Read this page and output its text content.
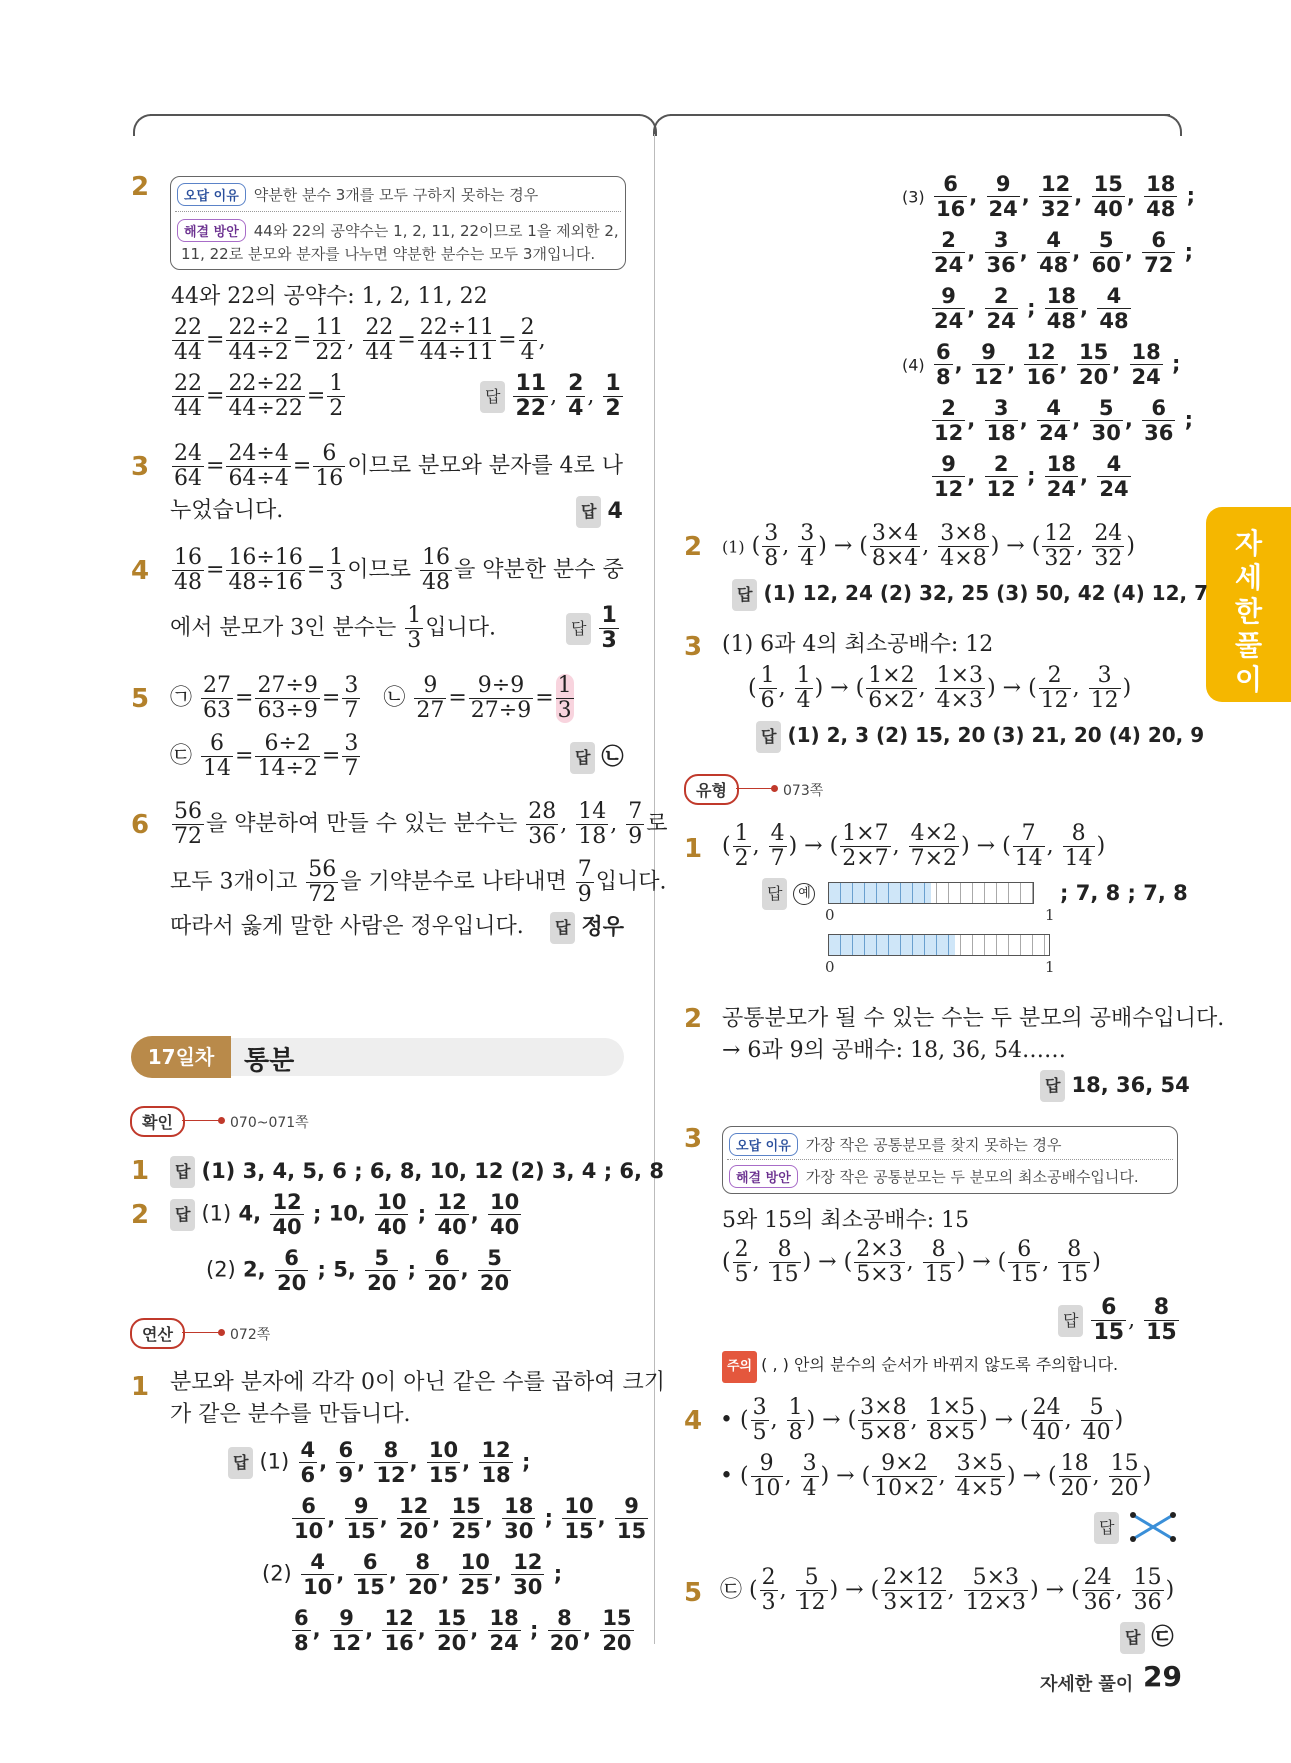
자
세
한
풀
이
2	오답 이유 약분한 분수 3개를 모두 구하지 못하는 경우
해결 방안 44와 22의 공약수는 1, 2, 11, 22이므로 1을 제외한 2,
11, 22로 분모와 분자를 나누면 약분한 분수는 모두 3개입니다.
44와 22의 공약수: 1, 2, 11, 22
$\frac{22}{44} = \frac{22\div 2}{44\div 2} = \frac{11}{22}$ , $\frac{22}{44} = \frac{22\div 11}{44\div 11} = \frac{2}{4}$ ,
$\frac{22}{44} = \frac{22\div 22}{44\div 22} = \frac{1}{2}$	답 $\frac{11}{22}$ , $\frac{2}{4}$ , $\frac{1}{2}$
$3 \frac{24}{64} = \frac{24\div 4}{64\div 4} = \frac{6}{16}$ 이므로 분모와 분자를 4로 나
누었습니다.	답 4
$4 \frac{16}{48} = \frac{16\div 16}{48\div 16} = \frac{1}{3}$ 이므로 $\frac{16}{48}$ 을 약분한 분수 중
에서 분모가 3인 분수는 $\frac{1}{3}$ 입니다.	답 $\frac{1}{3}$
5 ㉠ $\frac{27}{63} = \frac{27\div 9}{63\div 9} = \frac{3}{7}$ ㉡ $\frac{9}{27} = \frac{9\div 9}{27\div 9} = \frac{1}{3}$
㉢ $\frac{6}{14} = \frac{6\div 2}{14\div 2} = \frac{3}{7}$	답 ㉡
$6 \frac{56}{72}$ 을 약분하여 만들 수 있는 분수는 $\frac{28}{36}$ , $\frac{14}{18}$ , $\frac{7}{9}$ 로
모두 3개이고 $\frac{56}{72}$ 을 기약분수로 나타내면 $\frac{7}{9}$ 입니다.
따라서 옳게 말한 사람은 정우입니다.	답 정우
17일차	통분
확인	070~071쪽
1	답 (1) 3, 4, 5, 6 ; 6, 8, 10, 12 (2) 3, 4 ; 6, 8
2	답 (1) 4, $\frac{12}{40}$ ; 10, $\frac{10}{40}$ ; $\frac{12}{40}$ , $\frac{10}{40}$
(2) 2, $\frac{6}{20}$ ; 5, $\frac{5}{20}$ ; $\frac{6}{20}$ , $\frac{5}{20}$
연산	072쪽
1 분모와 분자에 각각 0이 아닌 같은 수를 곱하여 크기
가 같은 분수를 만듭니다.
답 $(1) \frac{4}{6}$ , $\frac{6}{9}$ , $\frac{8}{12}$ , $\frac{10}{15}$ , $\frac{12}{18}$ ;
$\frac{6}{10}$ , $\frac{9}{15}$ , $\frac{12}{20}$ , $\frac{15}{25}$ , $\frac{18}{30}$ ; $\frac{10}{15}$ , $\frac{9}{15}$
$(2) \frac{4}{10}$ , $\frac{6}{15}$ , $\frac{8}{20}$ , $\frac{10}{25}$ , $\frac{12}{30}$ ;
$\frac{6}{8}$ , $\frac{9}{12}$ , $\frac{12}{16}$ , $\frac{15}{20}$ , $\frac{18}{24}$ ; $\frac{8}{20}$ , $\frac{15}{20}$
$(3) \frac{6}{16}$ , $\frac{9}{24}$ , $\frac{12}{32}$ , $\frac{15}{40}$ , $\frac{18}{48}$ ;
$\frac{2}{24}$ , $\frac{3}{36}$ , $\frac{4}{48}$ , $\frac{5}{60}$ , $\frac{6}{72}$ ;
$\frac{9}{24}$ , $\frac{2}{24}$ ; $\frac{18}{48}$ , $\frac{4}{48}$
$(4) \frac{6}{8}$ , $\frac{9}{12}$ , $\frac{12}{16}$ , $\frac{15}{20}$ , $\frac{18}{24}$ ;
$\frac{2}{12}$ , $\frac{3}{18}$ , $\frac{4}{24}$ , $\frac{5}{30}$ , $\frac{6}{36}$ ;
$\frac{9}{12}$ , $\frac{2}{12}$ ; $\frac{18}{24}$ , $\frac{4}{24}$
2 (1) ( $\frac{3}{8}$ , $\frac{3}{4}$ ) → ( $\frac{3\times 4}{8\times 4}$ , $\frac{3\times 8}{4\times 8}$ ) → ( $\frac{12}{32}$ , $\frac{24}{32}$ )
답 (1) 12, 24 (2) 32, 25 (3) 50, 42 (4) 12, 7
3 (1) 6과 4의 최소공배수: 12
( $\frac{1}{6}$ , $\frac{1}{4}$ ) → ( $\frac{1\times 2}{6\times 2}$ , $\frac{1\times 3}{4\times 3}$ ) → ( $\frac{2}{12}$ , $\frac{3}{12}$ )
답 (1) 2, 3 (2) 15, 20 (3) 21, 20 (4) 20, 9
유형	073쪽
1 ( $\frac{1}{2}$ , $\frac{4}{7}$ ) → ( $\frac{1\times 7}{2\times 7}$ , $\frac{4\times 2}{7\times 2}$ ) → ( $\frac{7}{14}$ , $\frac{8}{14}$ )
답 예	; 7, 8 ; 7, 8
0	1
0	1
2 공통분모가 될 수 있는 수는 두 분모의 공배수입니다.
→ 6과 9의 공배수: 18, 36, 54……
답 18, 36, 54
3	오답 이유 가장 작은 공통분모를 찾지 못하는 경우
해결 방안 가장 작은 공통분모는 두 분모의 최소공배수입니다.
5와 15의 최소공배수: 15
( $\frac{2}{5}$ , $\frac{8}{15}$ ) → ( $\frac{2\times 3}{5\times 3}$ , $\frac{8}{15}$ ) → ( $\frac{6}{15}$ , $\frac{8}{15}$ )
답 $\frac{6}{15}$ , $\frac{8}{15}$
주의 ( , ) 안의 분수의 순서가 바뀌지 않도록 주의합니다.
4 • ( $\frac{3}{5}$ , $\frac{1}{8}$ ) → ( $\frac{3\times 8}{5\times 8}$ , $\frac{1\times 5}{8\times 5}$ ) → ( $\frac{24}{40}$ , $\frac{5}{40}$ )
• ( $\frac{9}{10}$ , $\frac{3}{4}$ ) → ( $\frac{9\times 2}{10\times 2}$ , $\frac{3\times 5}{4\times 5}$ ) → ( $\frac{18}{20}$ , $\frac{15}{20}$ )
답
5 ㉢ ( $\frac{2}{3}$ , $\frac{5}{12}$ ) → ( $\frac{2\times 12}{3\times 12}$ , $\frac{5\times 3}{12\times 3}$ ) → ( $\frac{24}{36}$ , $\frac{15}{36}$ )
답 ㉢
자세한 풀이 29
